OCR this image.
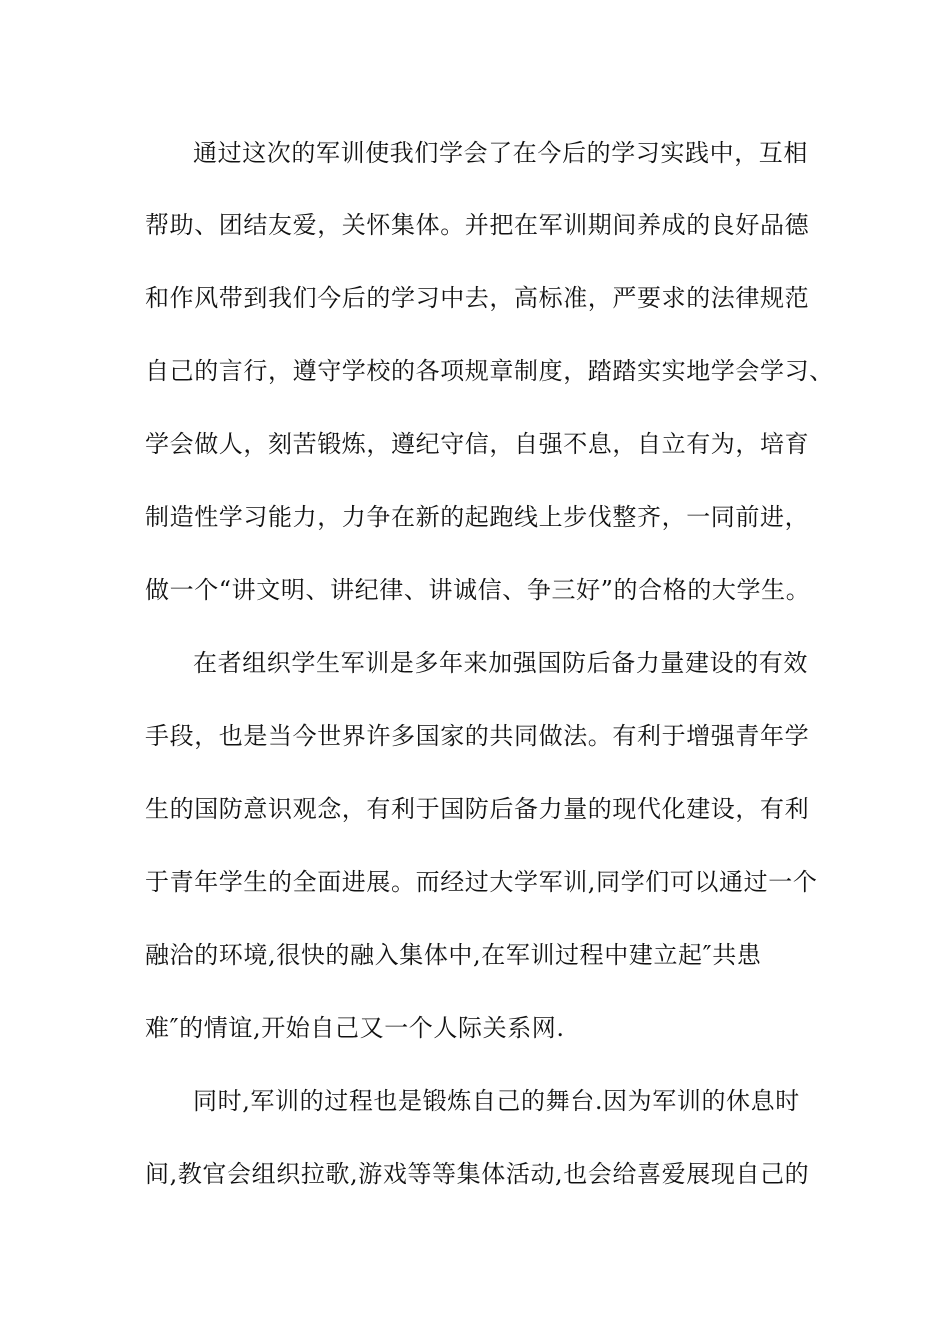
通过这次的军训使我们学会了在今后的学习实践中，互相
帮助、团结友爱，关怀集体。并把在军训期间养成的良好品德
和作风带到我们今后的学习中去，高标准，严要求的法律规范
自己的言行，遵守学校的各项规章制度，踏踏实实地学会学习、
学会做人，刻苦锻炼，遵纪守信，自强不息，自立有为，培育
制造性学习能力，力争在新的起跑线上步伐整齐，一同前进，
做一个“讲文明、讲纪律、讲诚信、争三好”的合格的大学生。
在者组织学生军训是多年来加强国防后备力量建设的有效
手段，也是当今世界许多国家的共同做法。有利于增强青年学
生的国防意识观念，有利于国防后备力量的现代化建设，有利
于青年学生的全面进展。而经过大学军训,同学们可以通过一个
融洽的环境,很快的融入集体中,在军训过程中建立起″共患
难″的情谊,开始自己又一个人际关系网.
同时,军训的过程也是锻炼自己的舞台.因为军训的休息时
间,教官会组织拉歌,游戏等等集体活动,也会给喜爱展现自己的
